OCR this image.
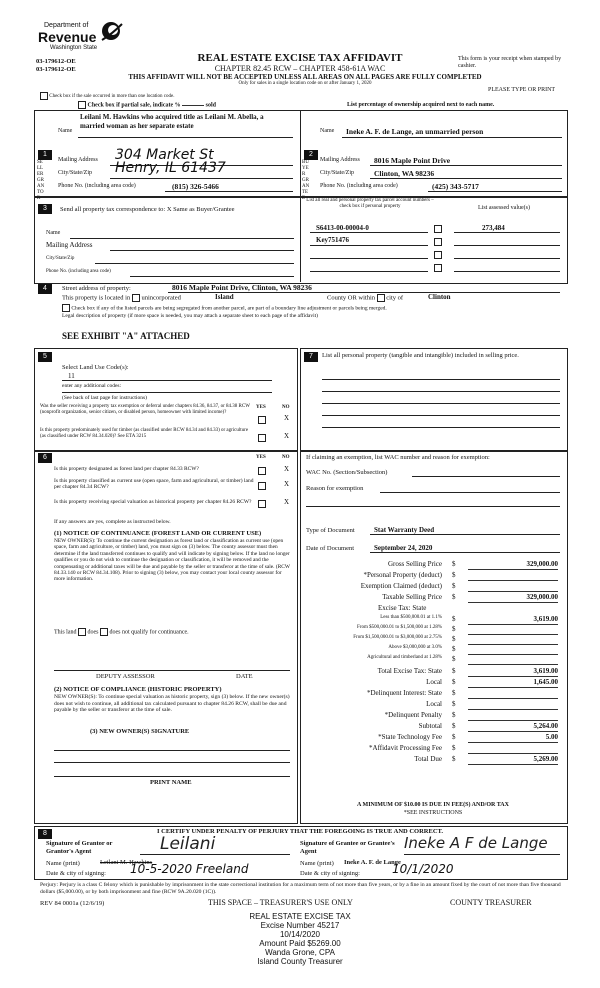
Department of
Revenue
Washington State
03-179612-OE
03-179612-OE
REAL ESTATE EXCISE TAX AFFIDAVIT
CHAPTER 82.45 RCW – CHAPTER 458-61A WAC
THIS AFFIDAVIT WILL NOT BE ACCEPTED UNLESS ALL AREAS ON ALL PAGES ARE FULLY COMPLETED
Only for sales in a single location code on or after January 1, 2020
This form is your receipt when stamped by cashier.
PLEASE TYPE OR PRINT
Check box if the sale occurred in more than one location code.
Check box if partial sale, indicate %	sold	List percentage of ownership acquired next to each name.
1	2
SELLER GRANTOR
BUYER GRANTEE
Name
Leilani M. Hawkins who acquired title as Leilani M. Abella, a married woman as her separate estate
Mailing Address 304 Market St
City/State/Zip Henry, IL 61437
Phone No. (including area code)	(815) 326-5466
Name Ineke A. F. de Lange, an unmarried person
Mailing Address 8016 Maple Point Drive
City/State/Zip	Clinton, WA 98236
Phone No. (including area code)	(425) 343-5717
3	Send all property tax correspondence to: X Same as Buyer/Grantee
Name
Mailing Address
City/State/Zip
Phone No. (including area code)
List all real and personal property tax parcel account numbers – check box if personal property	List assessed value(s)
S6413-00-00004-0	273,484
Key751476
4	Street address of property:	8016 Maple Point Drive, Clinton, WA 98236
This property is located in unincorporated	Island	County OR within city of	Clinton
Check box if any of the listed parcels are being segregated from another parcel, are part of a boundary line adjustment or parcels being merged.
Legal description of property (if more space is needed, you may attach a separate sheet to each page of the affidavit)
SEE EXHIBIT "A" ATTACHED
5	7
Select Land Use Code(s):
11
enter any additional codes:
(See back of last page for instructions)
YES	NO
Was the seller receiving a property tax exemption or deferral under chapters 84.36, 84.37, or 84.38 RCW (nonprofit organization, senior citizen, or disabled person, homeowner with limited income)?
X
Is this property predominately used for timber (as classified under RCW 84.34 and 84.33) or agriculture (as classified under RCW 84.34.020)? See ETA 3215	X
List all personal property (tangible and intangible) included in selling price.
6	YES	NO
Is this property designated as forest land per chapter 84.33 RCW?	X
Is this property classified as current use (open space, farm and agricultural, or timber) land per chapter 84.34 RCW?	X
Is this property receiving special valuation as historical property per chapter 84.26 RCW?	X
If any answers are yes, complete as instructed below.
(1) NOTICE OF CONTINUANCE (FOREST LAND OR CURRENT USE)
NEW OWNER(S): To continue the current designation as forest land or classification as current use (open space, farm and agriculture, or timber) land, you must sign on (3) below. The county assessor must then determine if the land transferred continues to qualify and will indicate by signing below. If the land no longer qualifies or you do not wish to continue the designation or classification, it will be removed and the compensating or additional taxes will be due and payable by the seller or transferor at the time of sale. (RCW 84.33.140 or RCW 84.34.108). Prior to signing (3) below, you may contact your local county assessor for more information.
This land does does not qualify for continuance.
DEPUTY ASSESSOR	DATE
(2) NOTICE OF COMPLIANCE (HISTORIC PROPERTY)
NEW OWNER(S): To continue special valuation as historic property, sign (3) below. If the new owner(s) does not wish to continue, all additional tax calculated pursuant to chapter 84.26 RCW, shall be due and payable by the seller or transferor at the time of sale.
(3) NEW OWNER(S) SIGNATURE
PRINT NAME
If claiming an exemption, list WAC number and reason for exemption:
WAC No. (Section/Subsection)
Reason for exemption
Type of Document	Stat Warranty Deed
Date of Document	September 24, 2020
Gross Selling Price $	329,000.00
*Personal Property (deduct) $
Exemption Claimed (deduct) $
Taxable Selling Price $	329,000.00
Excise Tax: State
Less than $500,000.01 at 1.1% $	3,619.00
From $500,000.01 to $1,500,000 at 1.28% $
From $1,500,000.01 to $3,000,000 at 2.75% $
Above $3,000,000 at 3.0% $
Agricultural and timberland at 1.28% $
Total Excise Tax: State $	3,619.00
Local $	1,645.00
*Delinquent Interest: State $
Local $
*Delinquent Penalty $
Subtotal $	5,264.00
*State Technology Fee $	5.00
*Affidavit Processing Fee $
Total Due $	5,269.00
A MINIMUM OF $10.00 IS DUE IN FEE(S) AND/OR TAX
*SEE INSTRUCTIONS
8	I CERTIFY UNDER PENALTY OF PERJURY THAT THE FOREGOING IS TRUE AND CORRECT.
Signature of Grantor or Grantor's Agent	Leilani	Signature of Grantee or Grantee's Agent	Ineke A F de Lange
Name (print)	Leilani M. Hawkins	Name (print) Ineke A. F. de Lange
Date & city of signing: 10-5-2020 Freeland	Date & city of signing:	10/1/2020
Perjury: Perjury is a class C felony which is punishable by imprisonment in the state correctional institution for a maximum term of not more than five years, or by a fine in an amount fixed by the court of not more than five thousand dollars ($5,000.00), or by both imprisonment and fine (RCW 9A.20.020 (1C)).
REV 84 0001a (12/6/19)	THIS SPACE – TREASURER'S USE ONLY	COUNTY TREASURER
REAL ESTATE EXCISE TAX
Excise Number 45217
10/14/2020
Amount Paid $5269.00
Wanda Grone, CPA
Island County Treasurer
